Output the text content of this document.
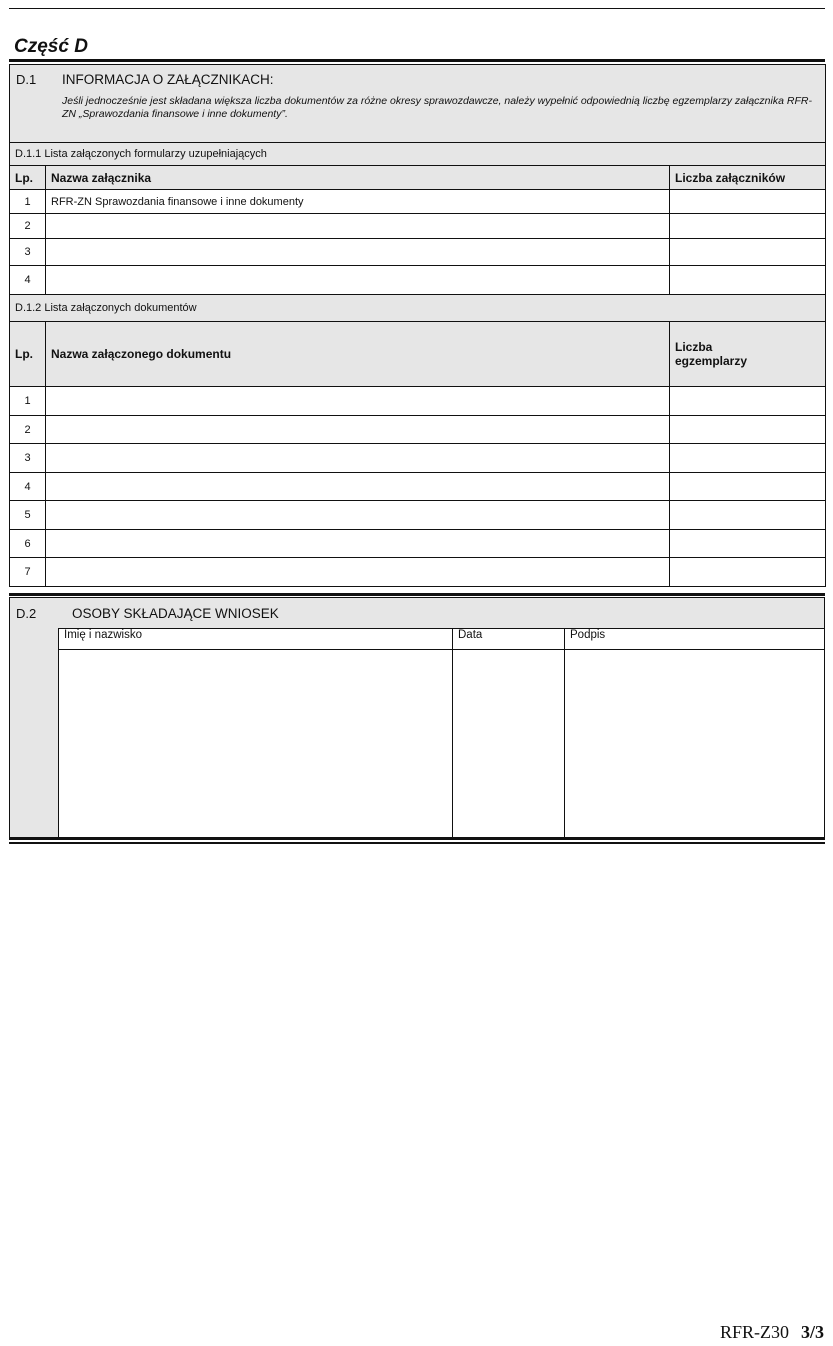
Część D
D.1 INFORMACJA O ZAŁĄCZNIKACH:
Jeśli jednocześnie jest składana większa liczba dokumentów za różne okresy sprawozdawcze, należy wypełnić odpowiednią liczbę egzemplarzy załącznika RFR-ZN „Sprawozdania finansowe i inne dokumenty”.		

D.1.1 Lista załączonych formularzy uzupełniających		
Lp.	Nazwa załącznika	Liczba załączników
1	RFR-ZN Sprawozdania finansowe i inne dokumenty	
2		
3		
4		
D.1.2 Lista załączonych dokumentów		
Lp.	Nazwa załączonego dokumentu	Liczba
egzemplarzy

1		
2		
3		
4		
5		
6		
7		
D.2	OSOBY SKŁADAJĄCE WNIOSEK
Imię i nazwisko	Data	Podpis

RFR-Z30 3/3
